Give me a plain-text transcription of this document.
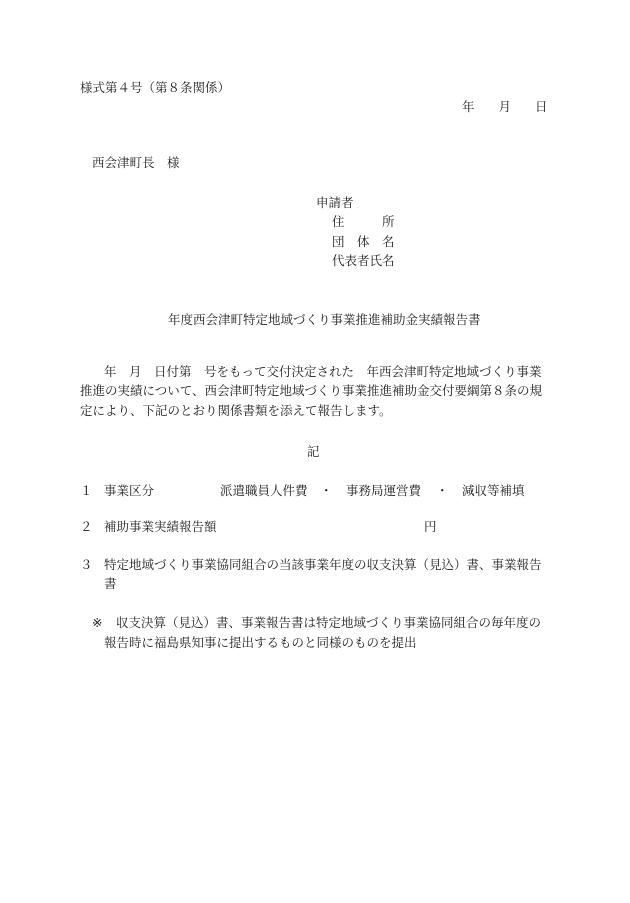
様式第４号（第８条関係）
年 月 日
西会津町長　様
申請者
住　　　所
団　体　名
代表者氏名
年度西会津町特定地域づくり事業推進補助金実績報告書
年　月　日付第　号をもって交付決定された　年西会津町特定地域づくり事業
推進の実績について、西会津町特定地域づくり事業推進補助金交付要綱第８条の規
定により、下記のとおり関係書類を添えて報告します。
記
１ 事業区分	派遣職員人件費 ・ 事務局運営費 ・ 減収等補填
２ 補助事業実績報告額	円
３ 特定地域づくり事業協同組合の当該事業年度の収支決算（見込）書、事業報告
書
※ 収支決算（見込）書、事業報告書は特定地域づくり事業協同組合の毎年度の
報告時に福島県知事に提出するものと同様のものを提出
